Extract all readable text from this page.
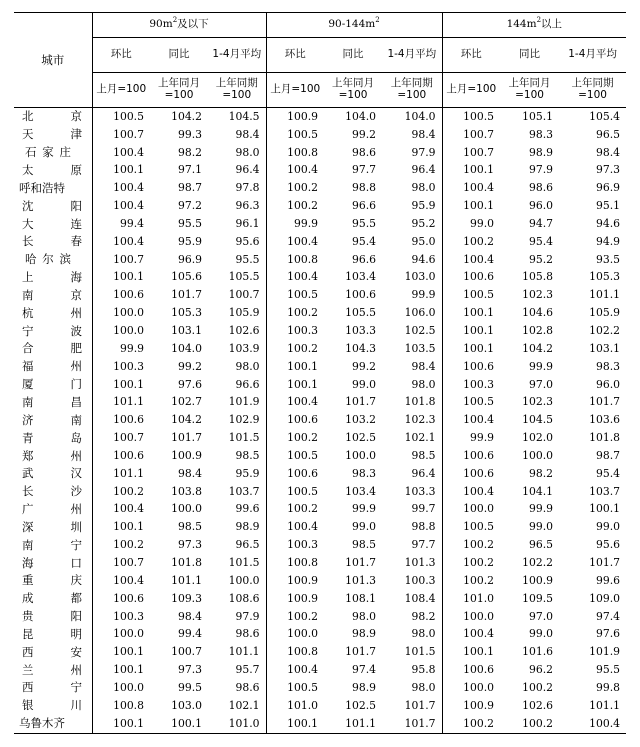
城市	$90m^2$及以下			$90-144m^2$			$144m^2$以上		
	环比	同比	1-4月平均	环比	同比	1-4月平均	环比	同比	1-4月平均
	上月=100	上年同月=100	上年同期=100	上月=100	上年同月=100	上年同期=100	上月=100	上年同月=100	上年同期=100
北京	100.5	104.2	104.5	100.9	104.0	104.0	100.5	105.1	105.4
天津	100.7	99.3	98.4	100.5	99.2	98.4	100.7	98.3	96.5
石家庄	100.4	98.2	98.0	100.8	98.6	97.9	100.7	98.9	98.4
太原	100.1	97.1	96.4	100.4	97.7	96.4	100.1	97.9	97.3
呼和浩特	100.4	98.7	97.8	100.2	98.8	98.0	100.4	98.6	96.9
沈阳	100.4	97.2	96.3	100.2	96.6	95.9	100.1	96.0	95.1
大连	99.4	95.5	96.1	99.9	95.5	95.2	99.0	94.7	94.6
长春	100.4	95.9	95.6	100.4	95.4	95.0	100.2	95.4	94.9
哈尔滨	100.7	96.9	95.5	100.8	96.6	94.6	100.4	95.2	93.5
上海	100.1	105.6	105.5	100.4	103.4	103.0	100.6	105.8	105.3
南京	100.6	101.7	100.7	100.5	100.6	99.9	100.5	102.3	101.1
杭州	100.0	105.3	105.9	100.2	105.5	106.0	100.1	104.6	105.9
宁波	100.0	103.1	102.6	100.3	103.3	102.5	100.1	102.8	102.2
合肥	99.9	104.0	103.9	100.2	104.3	103.5	100.1	104.2	103.1
福州	100.3	99.2	98.0	100.1	99.2	98.4	100.6	99.9	98.3
厦门	100.1	97.6	96.6	100.1	99.0	98.0	100.3	97.0	96.0
南昌	101.1	102.7	101.9	100.4	101.7	101.8	100.5	102.3	101.7
济南	100.6	104.2	102.9	100.6	103.2	102.3	100.4	104.5	103.6
青岛	100.7	101.7	101.5	100.2	102.5	102.1	99.9	102.0	101.8
郑州	100.6	100.9	98.5	100.5	100.0	98.5	100.6	100.0	98.7
武汉	101.1	98.4	95.9	100.6	98.3	96.4	100.6	98.2	95.4
长沙	100.2	103.8	103.7	100.5	103.4	103.3	100.4	104.1	103.7
广州	100.4	100.0	99.6	100.2	99.9	99.7	100.0	99.9	100.1
深圳	100.1	98.5	98.9	100.4	99.0	98.8	100.5	99.0	99.0
南宁	100.2	97.3	96.5	100.3	98.5	97.7	100.2	96.5	95.6
海口	100.7	101.8	101.5	100.8	101.7	101.3	100.2	102.2	101.7
重庆	100.4	101.1	100.0	100.9	101.3	100.3	100.2	100.9	99.6
成都	100.6	109.3	108.6	100.9	108.1	108.4	101.0	109.5	109.0
贵阳	100.3	98.4	97.9	100.2	98.0	98.2	100.0	97.0	97.4
昆明	100.0	99.4	98.6	100.0	98.9	98.0	100.4	99.0	97.6
西安	100.1	100.7	101.1	100.8	101.7	101.5	100.1	101.6	101.9
兰州	100.1	97.3	95.7	100.4	97.4	95.8	100.6	96.2	95.5
西宁	100.0	99.5	98.6	100.5	98.9	98.0	100.0	100.2	99.8
银川	100.8	103.0	102.1	101.0	102.5	101.7	100.9	102.6	101.1
乌鲁木齐	100.1	100.1	101.0	100.1	101.1	101.7	100.2	100.2	100.4
